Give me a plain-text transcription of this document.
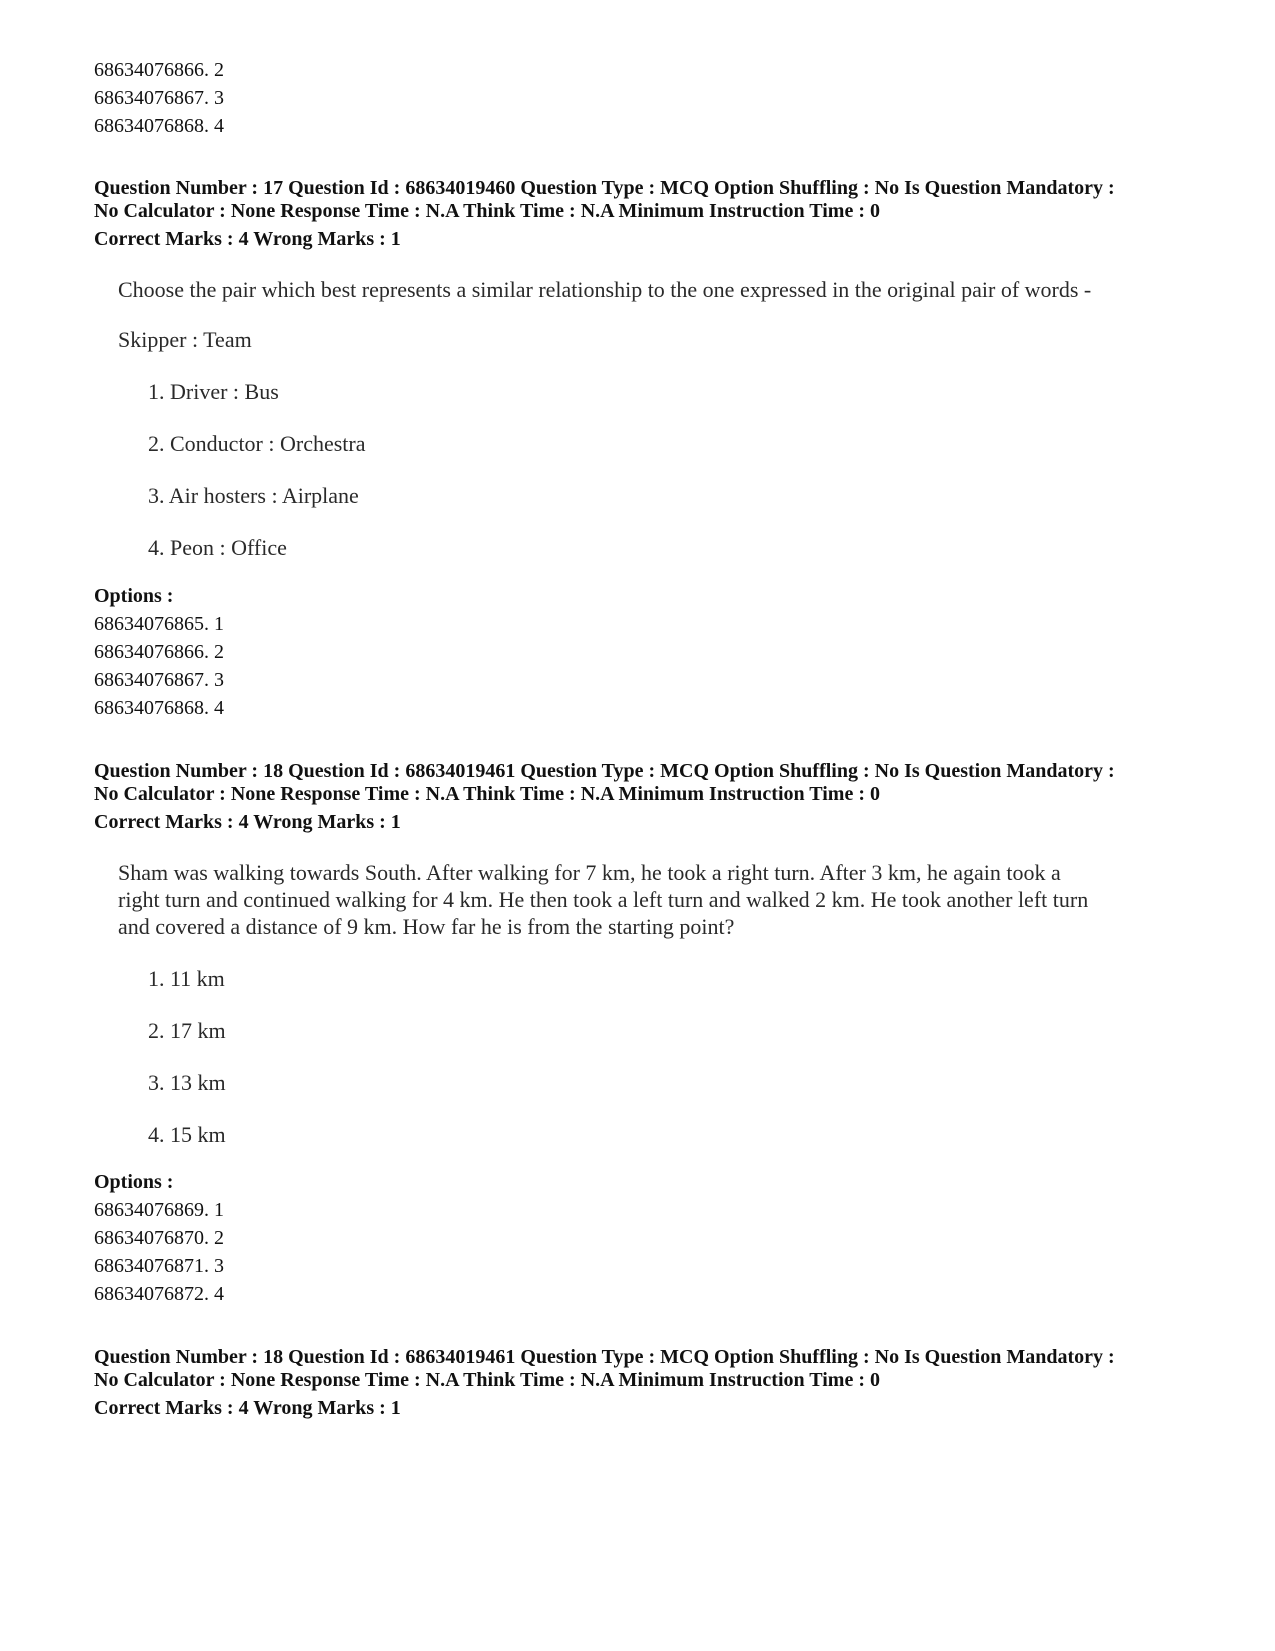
68634076866. 2
68634076867. 3
68634076868. 4
Question Number : 17 Question Id : 68634019460 Question Type : MCQ Option Shuffling : No Is Question Mandatory :
No Calculator : None Response Time : N.A Think Time : N.A Minimum Instruction Time : 0
Correct Marks : 4 Wrong Marks : 1
Choose the pair which best represents a similar relationship to the one expressed in the original pair of words -
Skipper : Team
1. Driver : Bus
2. Conductor : Orchestra
3. Air hosters : Airplane
4. Peon : Office
Options :
68634076865. 1
68634076866. 2
68634076867. 3
68634076868. 4
Question Number : 18 Question Id : 68634019461 Question Type : MCQ Option Shuffling : No Is Question Mandatory :
No Calculator : None Response Time : N.A Think Time : N.A Minimum Instruction Time : 0
Correct Marks : 4 Wrong Marks : 1
Sham was walking towards South. After walking for 7 km, he took a right turn. After 3 km, he again took a
right turn and continued walking for 4 km. He then took a left turn and walked 2 km. He took another left turn
and covered a distance of 9 km. How far he is from the starting point?
1. 11 km
2. 17 km
3. 13 km
4. 15 km
Options :
68634076869. 1
68634076870. 2
68634076871. 3
68634076872. 4
Question Number : 18 Question Id : 68634019461 Question Type : MCQ Option Shuffling : No Is Question Mandatory :
No Calculator : None Response Time : N.A Think Time : N.A Minimum Instruction Time : 0
Correct Marks : 4 Wrong Marks : 1
